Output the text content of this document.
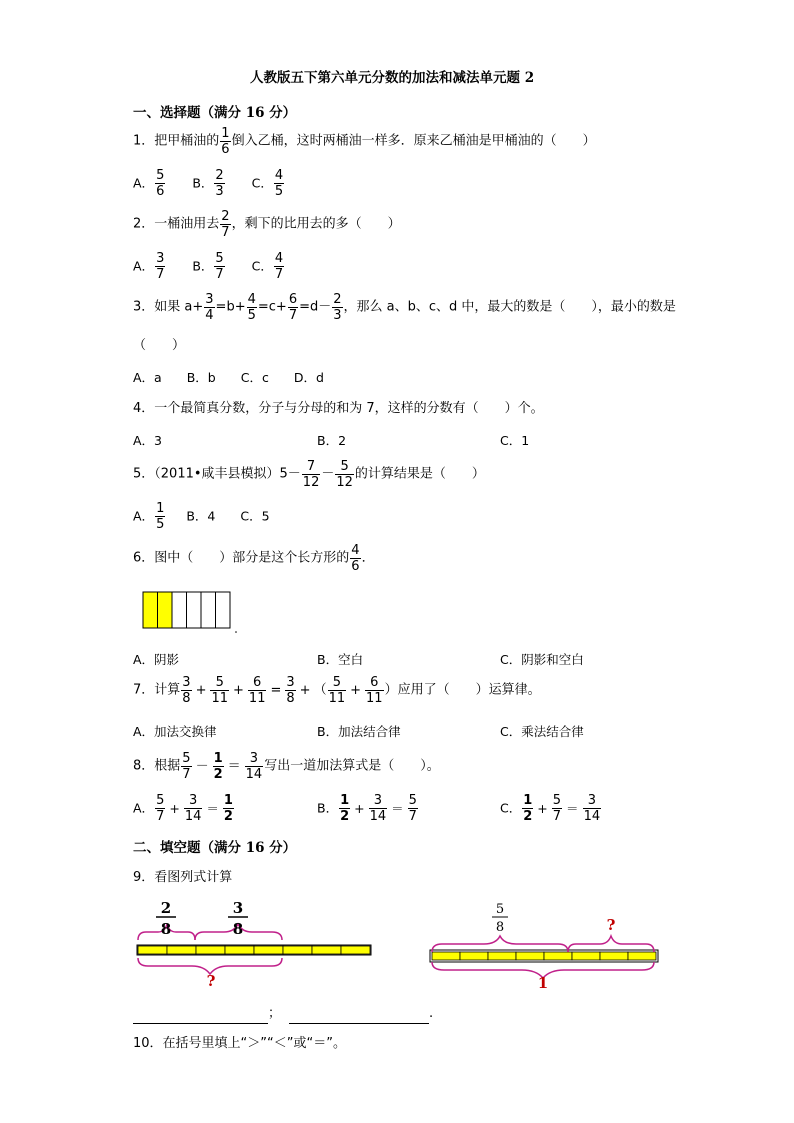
人教版五下第六单元分数的加法和减法单元题 2
一、选择题（满分 16 分）
1．把甲桶油的 $\frac{1}{6}$ 倒入乙桶，这时两桶油一样多．原来乙桶油是甲桶油的（　　）
A． $\frac{5}{6}$ B． $\frac{2}{3}$ C． $\frac{4}{5}$
2．一桶油用去 $\frac{2}{7}$ ，剩下的比用去的多（　　）
A． $\frac{3}{7}$ B． $\frac{5}{7}$ C． $\frac{4}{7}$
3．如果 $a+ \frac{3}{4} =b+ \frac{4}{5} =c+ \frac{6}{7} =d- \frac{2}{3}$ ，那么 a、b、c、d 中，最大的数是（　　），最小的数是
（　　）
A．a　　B．b　　C．c　　D．d
4．一个最简真分数，分子与分母的和为 7，这样的分数有（　　）个。
A．3	B．2	C．1
5．（2011•咸丰县模拟）$5- \frac{7}{12} - \frac{5}{12}$ 的计算结果是（　　）
A． $\frac{1}{5}$ B．4　　C．5
6．图中（　　）部分是这个长方形的 $\frac{4}{6}$ ．
A．阴影	B．空白	C．阴影和空白
7．计算 $\frac{3}{8} + \frac{5}{11} + \frac{6}{11} = \frac{3}{8}$ + （ $\frac{5}{11} + \frac{6}{11}$ ）应用了（　　）运算律。
A．加法交换律	B．加法结合律	C．乘法结合律
8．根据 $\frac{5}{7} - \frac{1}{2} = \frac{3}{14}$ 写出一道加法算式是（　　）。
A． $\frac{5}{7} + \frac{3}{14} = \frac{1}{2}$	B． $\frac{1}{2} + \frac{3}{14} = \frac{5}{7}$	C． $\frac{1}{2} + \frac{5}{7} = \frac{3}{14}$
二、填空题（满分 16 分）
9．看图列式计算
2
8
3
8
?
5
8	?
1
；	.
10．在括号里填上“＞”“＜”或“＝”。
